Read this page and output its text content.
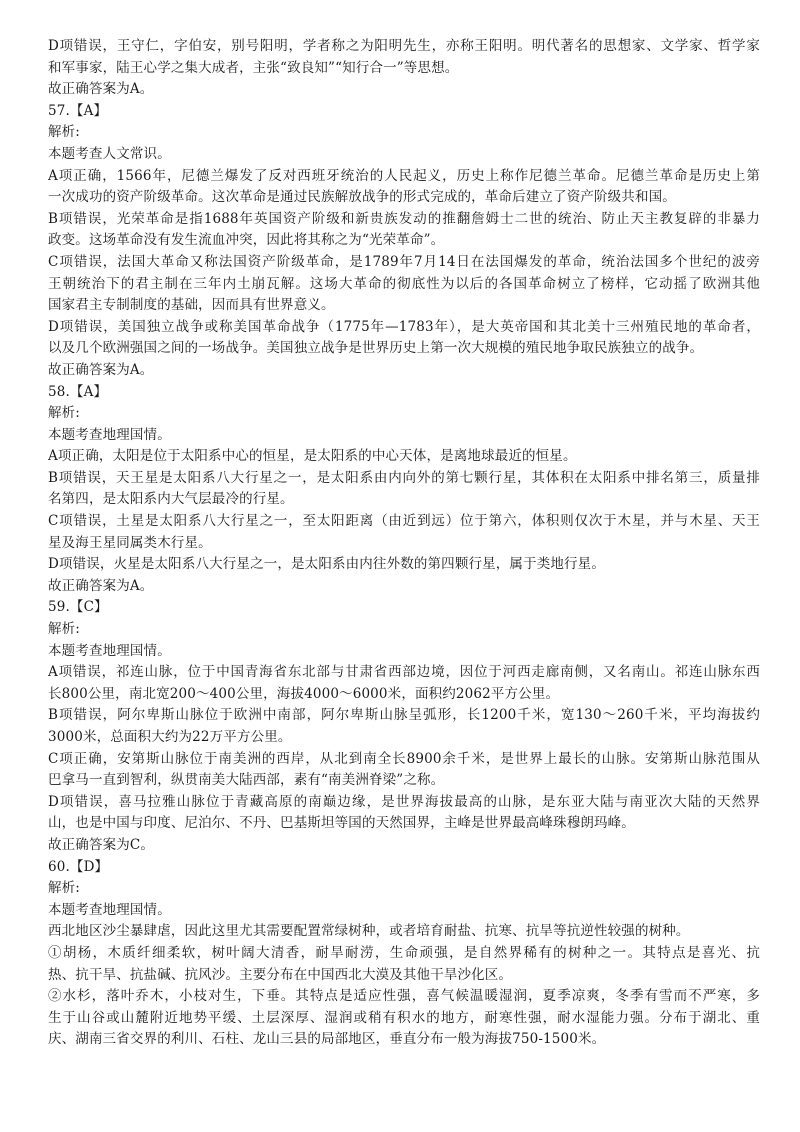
D项错误，王守仁，字伯安，别号阳明，学者称之为阳明先生，亦称王阳明。明代著名的思想家、文学家、哲学家
和军事家，陆王心学之集大成者，主张“致良知”“知行合一”等思想。
故正确答案为A。
57.【A】
解析:
本题考查人文常识。
A项正确，1566年，尼德兰爆发了反对西班牙统治的人民起义，历史上称作尼德兰革命。尼德兰革命是历史上第
一次成功的资产阶级革命。这次革命是通过民族解放战争的形式完成的，革命后建立了资产阶级共和国。
B项错误，光荣革命是指1688年英国资产阶级和新贵族发动的推翻詹姆士二世的统治、防止天主教复辟的非暴力
政变。这场革命没有发生流血冲突，因此将其称之为“光荣革命”。
C项错误，法国大革命又称法国资产阶级革命，是1789年7月14日在法国爆发的革命，统治法国多个世纪的波旁
王朝统治下的君主制在三年内土崩瓦解。这场大革命的彻底性为以后的各国革命树立了榜样，它动摇了欧洲其他
国家君主专制制度的基础，因而具有世界意义。
D项错误，美国独立战争或称美国革命战争（1775年—1783年），是大英帝国和其北美十三州殖民地的革命者，
以及几个欧洲强国之间的一场战争。美国独立战争是世界历史上第一次大规模的殖民地争取民族独立的战争。
故正确答案为A。
58.【A】
解析:
本题考查地理国情。
A项正确，太阳是位于太阳系中心的恒星，是太阳系的中心天体，是离地球最近的恒星。
B项错误，天王星是太阳系八大行星之一，是太阳系由内向外的第七颗行星，其体积在太阳系中排名第三，质量排
名第四，是太阳系内大气层最冷的行星。
C项错误，土星是太阳系八大行星之一，至太阳距离（由近到远）位于第六，体积则仅次于木星，并与木星、天王
星及海王星同属类木行星。
D项错误，火星是太阳系八大行星之一，是太阳系由内往外数的第四颗行星，属于类地行星。
故正确答案为A。
59.【C】
解析:
本题考查地理国情。
A项错误，祁连山脉，位于中国青海省东北部与甘肃省西部边境，因位于河西走廊南侧，又名南山。祁连山脉东西
长800公里，南北宽200～400公里，海拔4000～6000米，面积约2062平方公里。
B项错误，阿尔卑斯山脉位于欧洲中南部，阿尔卑斯山脉呈弧形，长1200千米，宽130～260千米，平均海拔约
3000米，总面积大约为22万平方公里。
C项正确，安第斯山脉位于南美洲的西岸，从北到南全长8900余千米，是世界上最长的山脉。安第斯山脉范围从
巴拿马一直到智利，纵贯南美大陆西部，素有“南美洲脊梁”之称。
D项错误，喜马拉雅山脉位于青藏高原的南巅边缘，是世界海拔最高的山脉，是东亚大陆与南亚次大陆的天然界
山，也是中国与印度、尼泊尔、不丹、巴基斯坦等国的天然国界，主峰是世界最高峰珠穆朗玛峰。
故正确答案为C。
60.【D】
解析:
本题考查地理国情。
西北地区沙尘暴肆虐，因此这里尤其需要配置常绿树种，或者培育耐盐、抗寒、抗旱等抗逆性较强的树种。
①胡杨，木质纤细柔软，树叶阔大清香，耐旱耐涝，生命顽强，是自然界稀有的树种之一。其特点是喜光、抗
热、抗干旱、抗盐碱、抗风沙。主要分布在中国西北大漠及其他干旱沙化区。
②水杉，落叶乔木，小枝对生，下垂。其特点是适应性强，喜气候温暖湿润，夏季凉爽，冬季有雪而不严寒，多
生于山谷或山麓附近地势平缓、土层深厚、湿润或稍有积水的地方，耐寒性强，耐水湿能力强。分布于湖北、重
庆、湖南三省交界的利川、石柱、龙山三县的局部地区，垂直分布一般为海拔750-1500米。
